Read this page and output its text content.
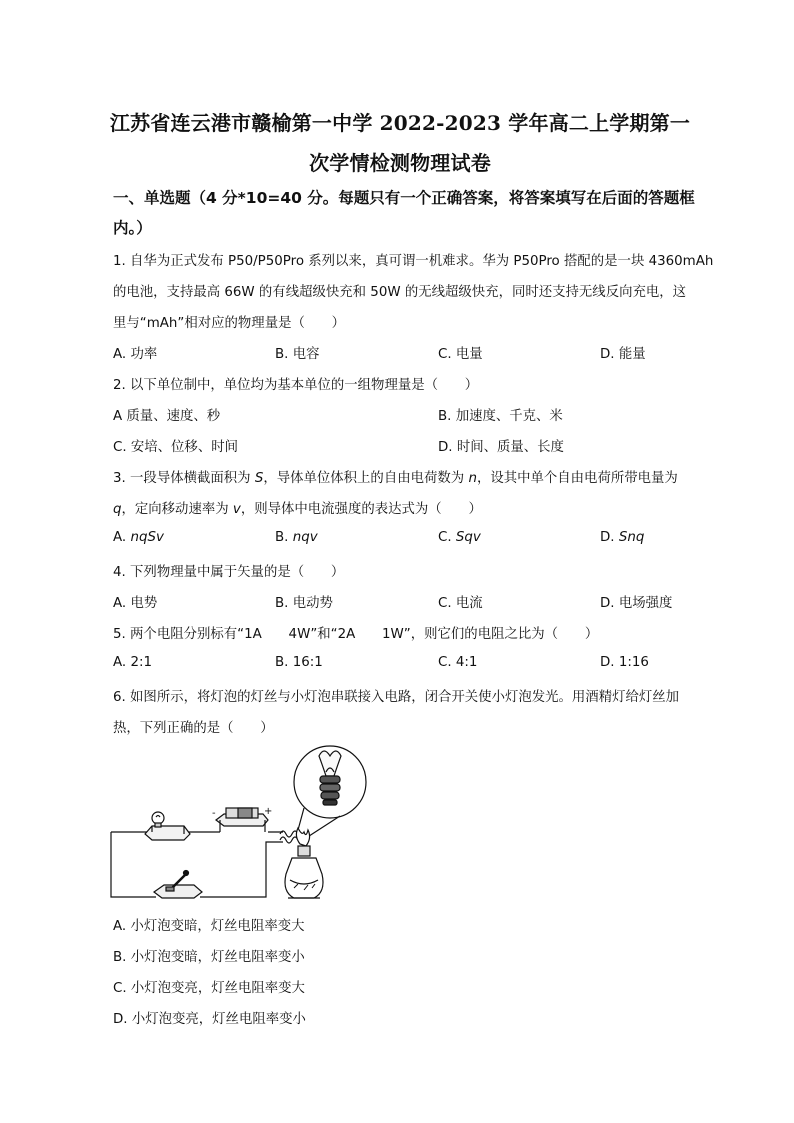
江苏省连云港市赣榆第一中学 2022-2023 学年高二上学期第一
次学情检测物理试卷
一、单选题（4 分*10=40 分。每题只有一个正确答案，将答案填写在后面的答题框
内。）
1. 自华为正式发布 P50/P50Pro 系列以来，真可谓一机难求。华为 P50Pro 搭配的是一块 4360mAh
的电池，支持最高 66W 的有线超级快充和 50W 的无线超级快充，同时还支持无线反向充电，这
里与“mAh”相对应的物理量是（　　）
A. 功率	B. 电容	C. 电量	D. 能量
2. 以下单位制中，单位均为基本单位的一组物理量是（　　）
A 质量、速度、秒	B. 加速度、千克、米
C. 安培、位移、时间	D. 时间、质量、长度
3. 一段导体横截面积为 S，导体单位体积上的自由电荷数为 n，设其中单个自由电荷所带电量为
q，定向移动速率为 v，则导体中电流强度的表达式为（　　）
A. nqSv	B. nqv	C. Sqv	D. Snq
4. 下列物理量中属于矢量的是（　　）
A. 电势	B. 电动势	C. 电流	D. 电场强度
5. 两个电阻分别标有“1A　　4W”和“2A　　1W”，则它们的电阻之比为（　　）
A. 2:1	B. 16:1	C. 4:1	D. 1:16
6. 如图所示，将灯泡的灯丝与小灯泡串联接入电路，闭合开关使小灯泡发光。用酒精灯给灯丝加
热，下列正确的是（　　）
-	+
A. 小灯泡变暗，灯丝电阻率变大
B. 小灯泡变暗，灯丝电阻率变小
C. 小灯泡变亮，灯丝电阻率变大
D. 小灯泡变亮，灯丝电阻率变小
